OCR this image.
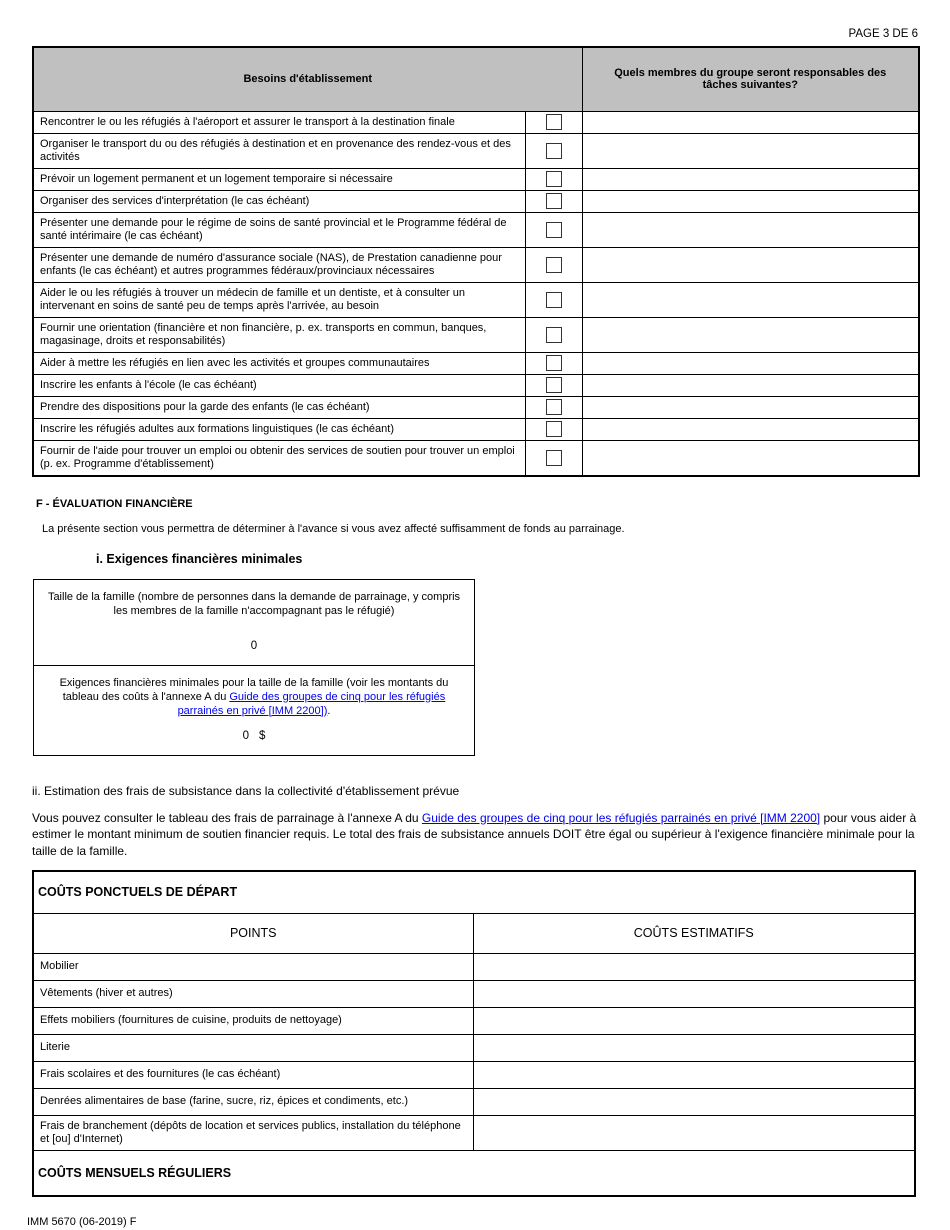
PAGE 3 DE 6
Besoins d'établissement		Quels membres du groupe seront responsables des tâches suivantes?
Rencontrer le ou les réfugiés à l'aéroport et assurer le transport à la destination finale		
Organiser le transport du ou des réfugiés à destination et en provenance des rendez-vous et des activités		
Prévoir un logement permanent et un logement temporaire si nécessaire		
Organiser des services d'interprétation (le cas échéant)		
Présenter une demande pour le régime de soins de santé provincial et le Programme fédéral de santé intérimaire (le cas échéant)		
Présenter une demande de numéro d'assurance sociale (NAS), de Prestation canadienne pour enfants (le cas échéant) et autres programmes fédéraux/provinciaux nécessaires		
Aider le ou les réfugiés à trouver un médecin de famille et un dentiste, et à consulter un intervenant en soins de santé peu de temps après l'arrivée, au besoin		
Fournir une orientation (financière et non financière, p. ex. transports en commun, banques, magasinage, droits et responsabilités)		
Aider à mettre les réfugiés en lien avec les activités et groupes communautaires		
Inscrire les enfants à l'école (le cas échéant)		
Prendre des dispositions pour la garde des enfants (le cas échéant)		
Inscrire les réfugiés adultes aux formations linguistiques (le cas échéant)		
Fournir de l'aide pour trouver un emploi ou obtenir des services de soutien pour trouver un emploi (p. ex. Programme d'établissement)		
F - ÉVALUATION FINANCIÈRE
La présente section vous permettra de déterminer à l'avance si vous avez affecté suffisamment de fonds au parrainage.
i. Exigences financières minimales
Taille de la famille (nombre de personnes dans la demande de parrainage, y compris les membres de la famille n'accompagnant pas le réfugié)
0
Exigences financières minimales pour la taille de la famille (voir les montants du tableau des coûts à l'annexe A du Guide des groupes de cinq pour les réfugiés parrainés en privé [IMM 2200]).
0 $
ii. Estimation des frais de subsistance dans la collectivité d'établissement prévue
Vous pouvez consulter le tableau des frais de parrainage à l'annexe A du Guide des groupes de cinq pour les réfugiés parrainés en privé [IMM 2200] pour vous aider à estimer le montant minimum de soutien financier requis. Le total des frais de subsistance annuels DOIT être égal ou supérieur à l'exigence financière minimale pour la taille de la famille.
COÛTS PONCTUELS DE DÉPART	
POINTS	COÛTS ESTIMATIFS
Mobilier	
Vêtements (hiver et autres)	
Effets mobiliers (fournitures de cuisine, produits de nettoyage)	
Literie	
Frais scolaires et des fournitures (le cas échéant)	
Denrées alimentaires de base (farine, sucre, riz, épices et condiments, etc.)	
Frais de branchement (dépôts de location et services publics, installation du téléphone et [ou] d'Internet)	
COÛTS MENSUELS RÉGULIERS	
IMM 5670 (06-2019) F
